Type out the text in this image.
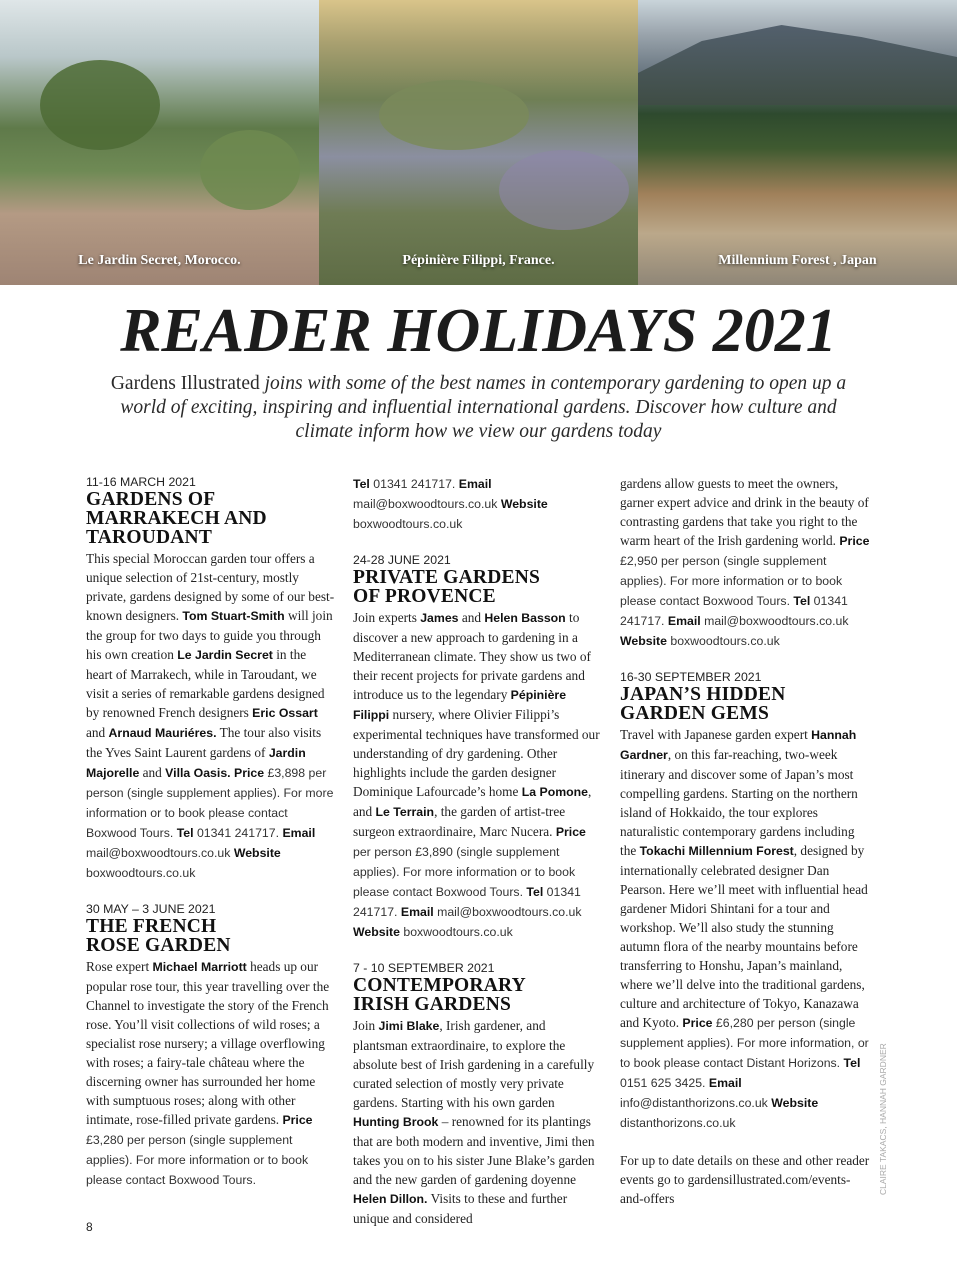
Le Jardin Secret, Morocco.	Pépinière Filippi, France.	Millennium Forest , Japan
READER HOLIDAYS 2021

Gardens Illustrated joins with some of the best names in contemporary gardening to open up a world of exciting, inspiring and influential international gardens. Discover how culture and climate inform how we view our gardens today

11-16 MARCH 2021
GARDENS OF
MARRAKECH AND
TAROUDANT

This special Moroccan garden tour offers a unique selection of 21st-century, mostly private, gardens designed by some of our best-known designers. Tom Stuart-Smith will join the group for two days to guide you through his own creation Le Jardin Secret in the heart of Marrakech, while in Taroudant, we visit a series of remarkable gardens designed by renowned French designers Eric Ossart and Arnaud Mauriéres. The tour also visits the Yves Saint Laurent gardens of Jardin Majorelle and Villa Oasis. Price £3,898 per person (single supplement applies). For more information or to book please contact Boxwood Tours. Tel 01341 241717. Email mail@boxwoodtours.co.uk Website boxwoodtours.co.uk

30 MAY – 3 JUNE 2021
THE FRENCH
ROSE GARDEN

Rose expert Michael Marriott heads up our popular rose tour, this year travelling over the Channel to investigate the story of the French rose. You’ll visit collections of wild roses; a specialist rose nursery; a village overflowing with roses; a fairy-tale château where the discerning owner has surrounded her home with sumptuous roses; along with other intimate, rose-filled private gardens. Price £3,280 per person (single supplement applies). For more information or to book please contact Boxwood Tours.

Tel 01341 241717. Email mail@boxwoodtours.co.uk Website boxwoodtours.co.uk

24-28 JUNE 2021
PRIVATE GARDENS
OF PROVENCE

Join experts James and Helen Basson to discover a new approach to gardening in a Mediterranean climate. They show us two of their recent projects for private gardens and introduce us to the legendary Pépinière Filippi nursery, where Olivier Filippi’s experimental techniques have transformed our understanding of dry gardening. Other highlights include the garden designer Dominique Lafourcade’s home La Pomone, and Le Terrain, the garden of artist-tree surgeon extraordinaire, Marc Nucera. Price per person £3,890 (single supplement applies). For more information or to book please contact Boxwood Tours. Tel 01341 241717. Email mail@boxwoodtours.co.uk Website boxwoodtours.co.uk

7 - 10 SEPTEMBER 2021
CONTEMPORARY
IRISH GARDENS

Join Jimi Blake, Irish gardener, and plantsman extraordinaire, to explore the absolute best of Irish gardening in a carefully curated selection of mostly very private gardens. Starting with his own garden Hunting Brook – renowned for its plantings that are both modern and inventive, Jimi then takes you on to his sister June Blake’s garden and the new garden of gardening doyenne Helen Dillon. Visits to these and further unique and considered

gardens allow guests to meet the owners, garner expert advice and drink in the beauty of contrasting gardens that take you right to the warm heart of the Irish gardening world. Price £2,950 per person (single supplement applies). For more information or to book please contact Boxwood Tours. Tel 01341 241717. Email mail@boxwoodtours.co.uk Website boxwoodtours.co.uk

16-30 SEPTEMBER 2021
JAPAN’S HIDDEN
GARDEN GEMS

Travel with Japanese garden expert Hannah Gardner, on this far-reaching, two-week itinerary and discover some of Japan’s most compelling gardens. Starting on the northern island of Hokkaido, the tour explores naturalistic contemporary gardens including the Tokachi Millennium Forest, designed by internationally celebrated designer Dan Pearson. Here we’ll meet with influential head gardener Midori Shintani for a tour and workshop. We’ll also study the stunning autumn flora of the nearby mountains before transferring to Honshu, Japan’s mainland, where we’ll delve into the traditional gardens, culture and architecture of Tokyo, Kanazawa and Kyoto. Price £6,280 per person (single supplement applies). For more information, or to book please contact Distant Horizons. Tel 0151 625 3425. Email info@distanthorizons.co.uk Website distanthorizons.co.uk

For up to date details on these and other reader events go to gardensillustrated.com/events-and-offers

8
CLAIRE TAKACS, HANNAH GARDNER
